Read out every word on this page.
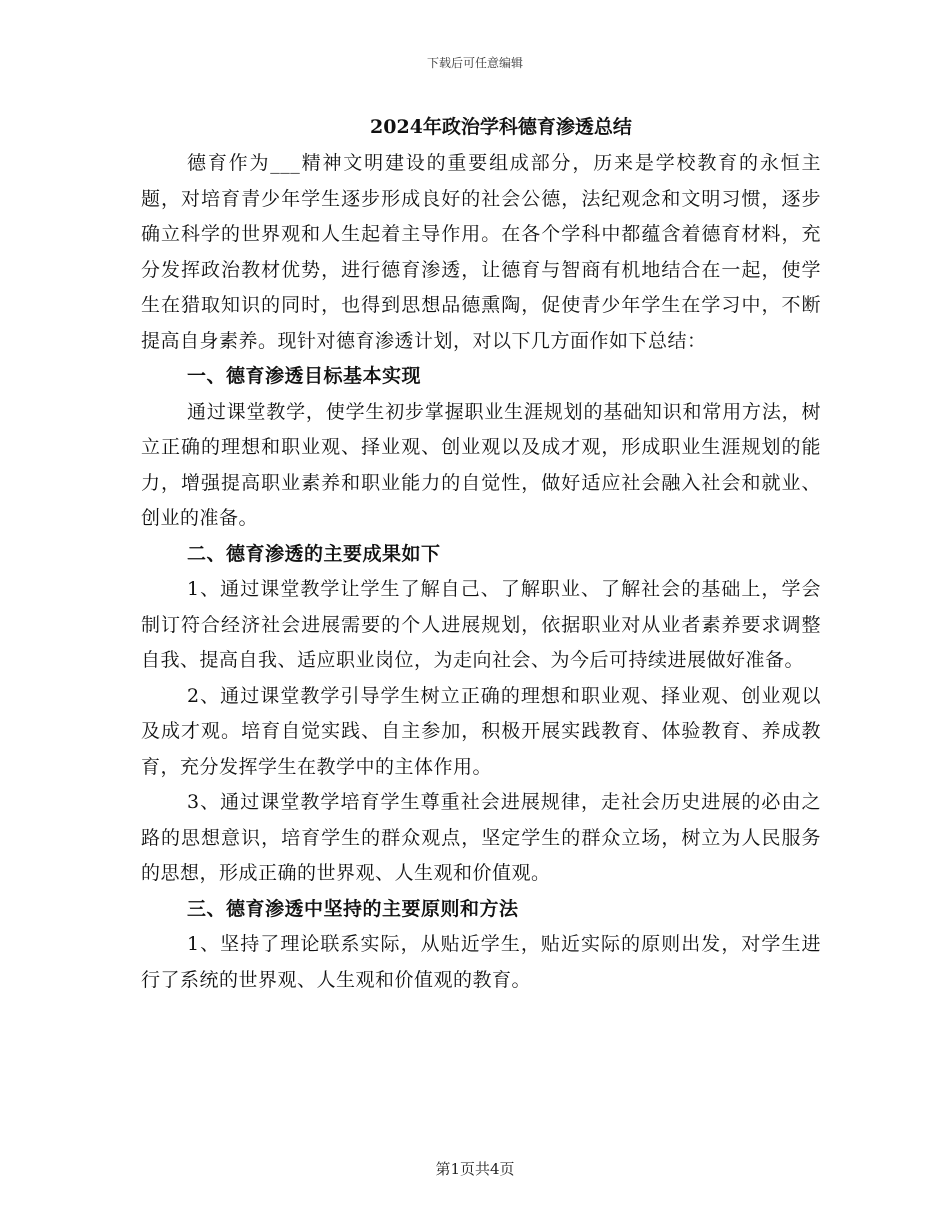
下载后可任意编辑
2024年政治学科德育渗透总结

德育作为___精神文明建设的重要组成部分，历来是学校教育的永恒主题，对培育青少年学生逐步形成良好的社会公德，法纪观念和文明习惯，逐步确立科学的世界观和人生起着主导作用。在各个学科中都蕴含着德育材料，充分发挥政治教材优势，进行德育渗透，让德育与智商有机地结合在一起，使学生在猎取知识的同时，也得到思想品德熏陶，促使青少年学生在学习中，不断提高自身素养。现针对德育渗透计划，对以下几方面作如下总结：

一、德育渗透目标基本实现

通过课堂教学，使学生初步掌握职业生涯规划的基础知识和常用方法，树立正确的理想和职业观、择业观、创业观以及成才观，形成职业生涯规划的能力，增强提高职业素养和职业能力的自觉性，做好适应社会融入社会和就业、创业的准备。

二、德育渗透的主要成果如下

1、通过课堂教学让学生了解自己、了解职业、了解社会的基础上，学会制订符合经济社会进展需要的个人进展规划，依据职业对从业者素养要求调整自我、提高自我、适应职业岗位，为走向社会、为今后可持续进展做好准备。

2、通过课堂教学引导学生树立正确的理想和职业观、择业观、创业观以及成才观。培育自觉实践、自主参加，积极开展实践教育、体验教育、养成教育，充分发挥学生在教学中的主体作用。

3、通过课堂教学培育学生尊重社会进展规律，走社会历史进展的必由之路的思想意识，培育学生的群众观点，坚定学生的群众立场，树立为人民服务的思想，形成正确的世界观、人生观和价值观。

三、德育渗透中坚持的主要原则和方法

1、坚持了理论联系实际，从贴近学生，贴近实际的原则出发，对学生进行了系统的世界观、人生观和价值观的教育。

第1页共4页
